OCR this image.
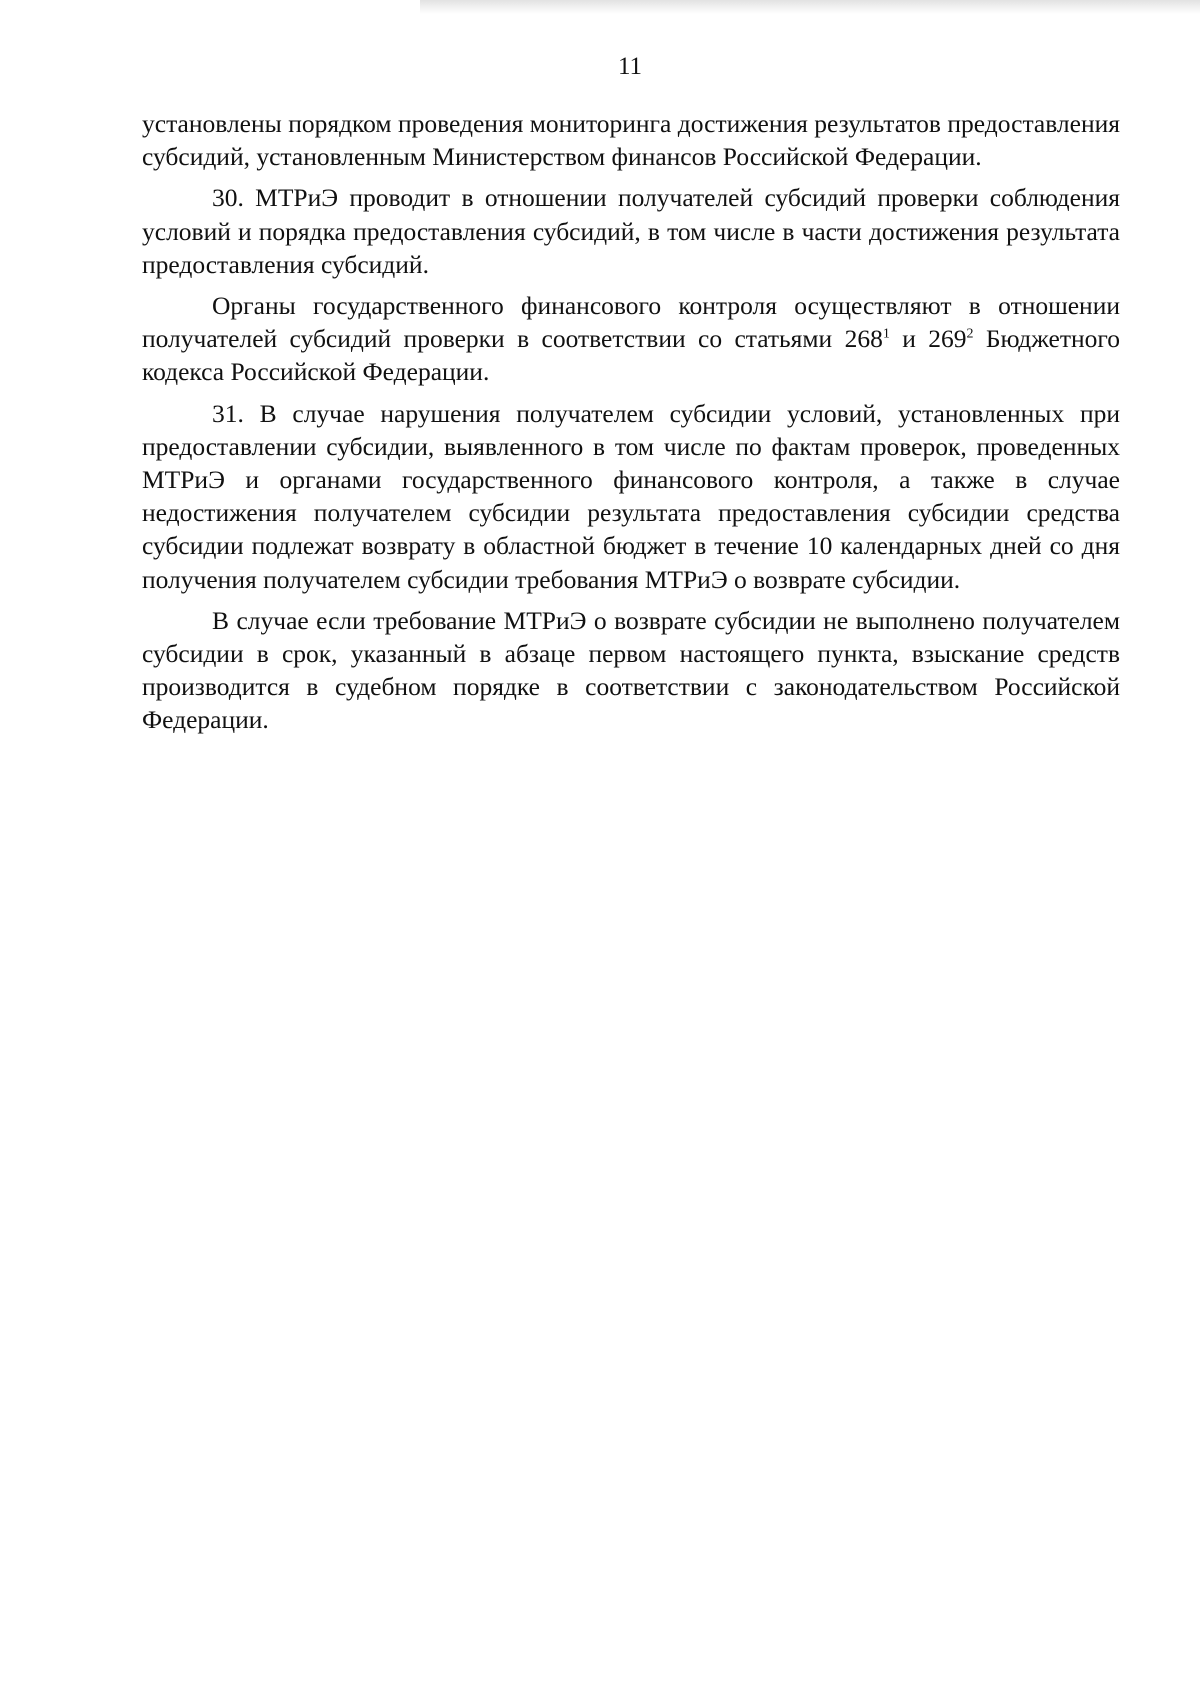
11

установлены порядком проведения мониторинга достижения результатов предоставления субсидий, установленным Министерством финансов Российской Федерации.

30. МТРиЭ проводит в отношении получателей субсидий проверки соблюдения условий и порядка предоставления субсидий, в том числе в части достижения результата предоставления субсидий.

Органы государственного финансового контроля осуществляют в отношении получателей субсидий проверки в соответствии со статьями $268^1$ и $269^2$ Бюджетного кодекса Российской Федерации.

31. В случае нарушения получателем субсидии условий, установленных при предоставлении субсидии, выявленного в том числе по фактам проверок, проведенных МТРиЭ и органами государственного финансового контроля, а также в случае недостижения получателем субсидии результата предоставления субсидии средства субсидии подлежат возврату в областной бюджет в течение 10 календарных дней со дня получения получателем субсидии требования МТРиЭ о возврате субсидии.

В случае если требование МТРиЭ о возврате субсидии не выполнено получателем субсидии в срок, указанный в абзаце первом настоящего пункта, взыскание средств производится в судебном порядке в соответствии с законодательством Российской Федерации.
